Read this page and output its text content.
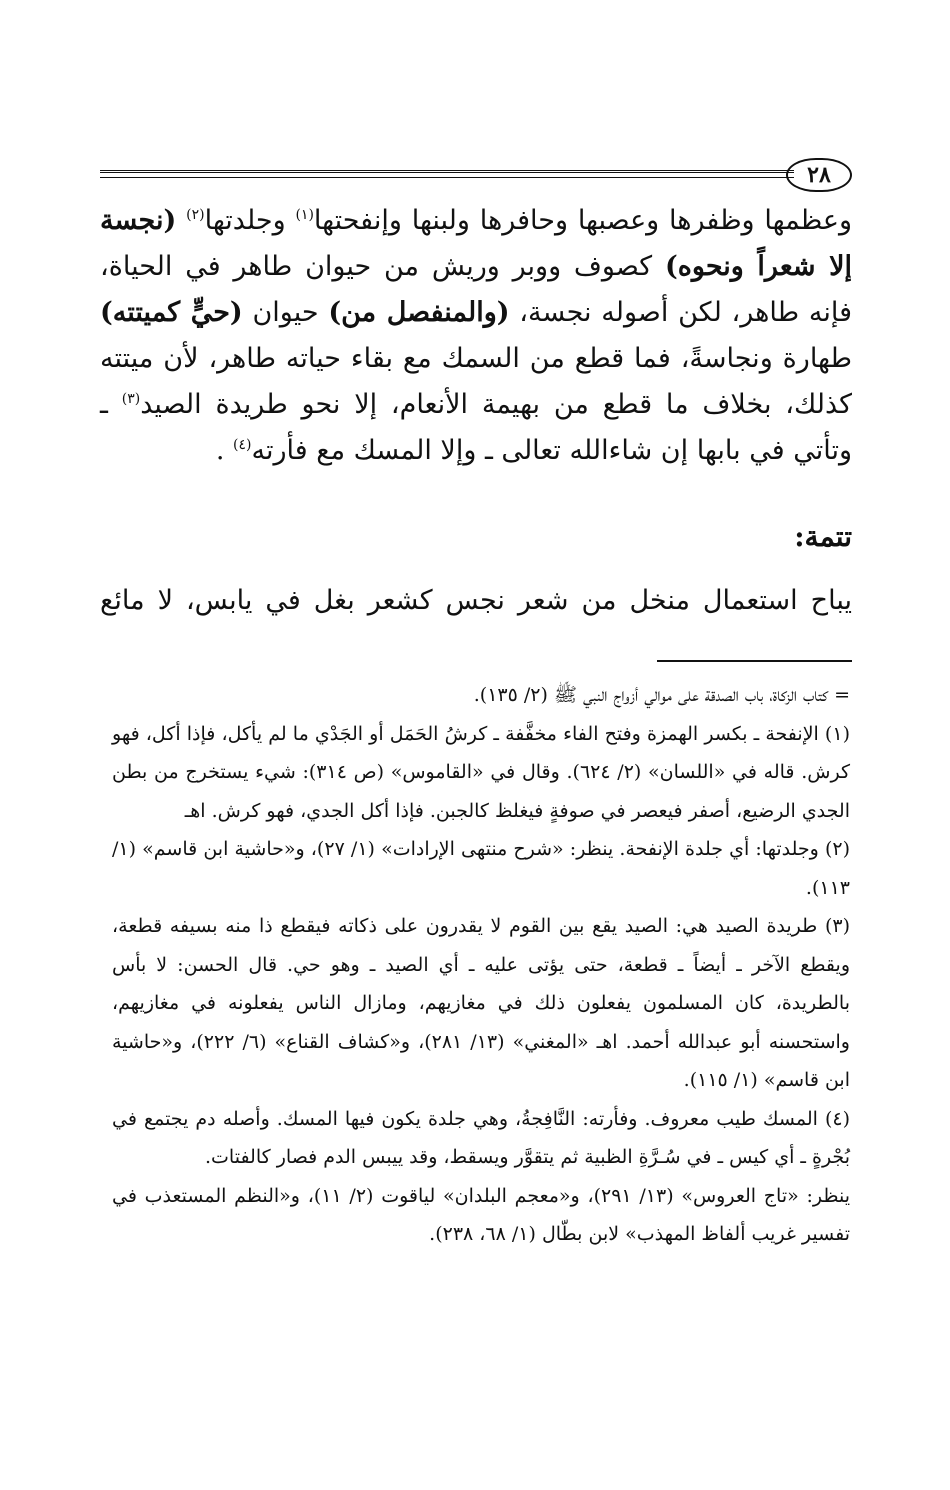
٢٨

وعظمها وظفرها وعصبها وحافرها ولبنها وإنفحتها$^{(١)}$ وجلدتها$^{(٢)}$ (نجسة إلا شعراً ونحوه) كصوف ووبر وريش من حيوان طاهر في الحياة، فإنه طاهر، لكن أصوله نجسة، (والمنفصل من) حيوان (حيٍّ كميتته) طهارة ونجاسةً، فما قطع من السمك مع بقاء حياته طاهر، لأن ميتته كذلك، بخلاف ما قطع من بهيمة الأنعام، إلا نحو طريدة الصيد$^{(٣)}$ ـ وتأتي في بابها إن شاءالله تعالى ـ وإلا المسك مع فأرته$^{(٤)}$ .

تتمة:
يباح استعمال منخل من شعر نجس كشعر بغل في يابس، لا مائع

= كتاب الزكاة، باب الصدقة على موالي أزواج النبي ﷺ (٢/ ١٣٥).

(١) الإنفحة ـ بكسر الهمزة وفتح الفاء مخفَّفة ـ كرشُ الحَمَل أو الجَدْي ما لم يأكل، فإذا أكل، فهو كرش. قاله في «اللسان» (٢/ ٦٢٤). وقال في «القاموس» (ص ٣١٤): شيء يستخرج من بطن الجدي الرضيع، أصفر فيعصر في صوفةٍ فيغلظ كالجبن. فإذا أكل الجدي، فهو كرش. اهـ

(٢) وجلدتها: أي جلدة الإنفحة. ينظر: «شرح منتهى الإرادات» (١/ ٢٧)، و«حاشية ابن قاسم» (١/ ١١٣).

(٣) طريدة الصيد هي: الصيد يقع بين القوم لا يقدرون على ذكاته فيقطع ذا منه بسيفه قطعة، ويقطع الآخر ـ أيضاً ـ قطعة، حتى يؤتى عليه ـ أي الصيد ـ وهو حي. قال الحسن: لا بأس بالطريدة، كان المسلمون يفعلون ذلك في مغازيهم، ومازال الناس يفعلونه في مغازيهم، واستحسنه أبو عبدالله أحمد. اهـ «المغني» (١٣/ ٢٨١)، و«كشاف القناع» (٦/ ٢٢٢)، و«حاشية ابن قاسم» (١/ ١١٥).

(٤) المسك طيب معروف. وفأرته: النَّافِجةُ، وهي جلدة يكون فيها المسك. وأصله دم يجتمع في بُجْرةٍ ـ أي كيس ـ في سُـرَّةِ الظبية ثم يتقوَّر ويسقط، وقد ييبس الدم فصار كالفتات.

ينظر: «تاج العروس» (١٣/ ٢٩١)، و«معجم البلدان» لياقوت (٢/ ١١)، و«النظم المستعذب في تفسير غريب ألفاظ المهذب» لابن بطّال (١/ ٦٨، ٢٣٨).
